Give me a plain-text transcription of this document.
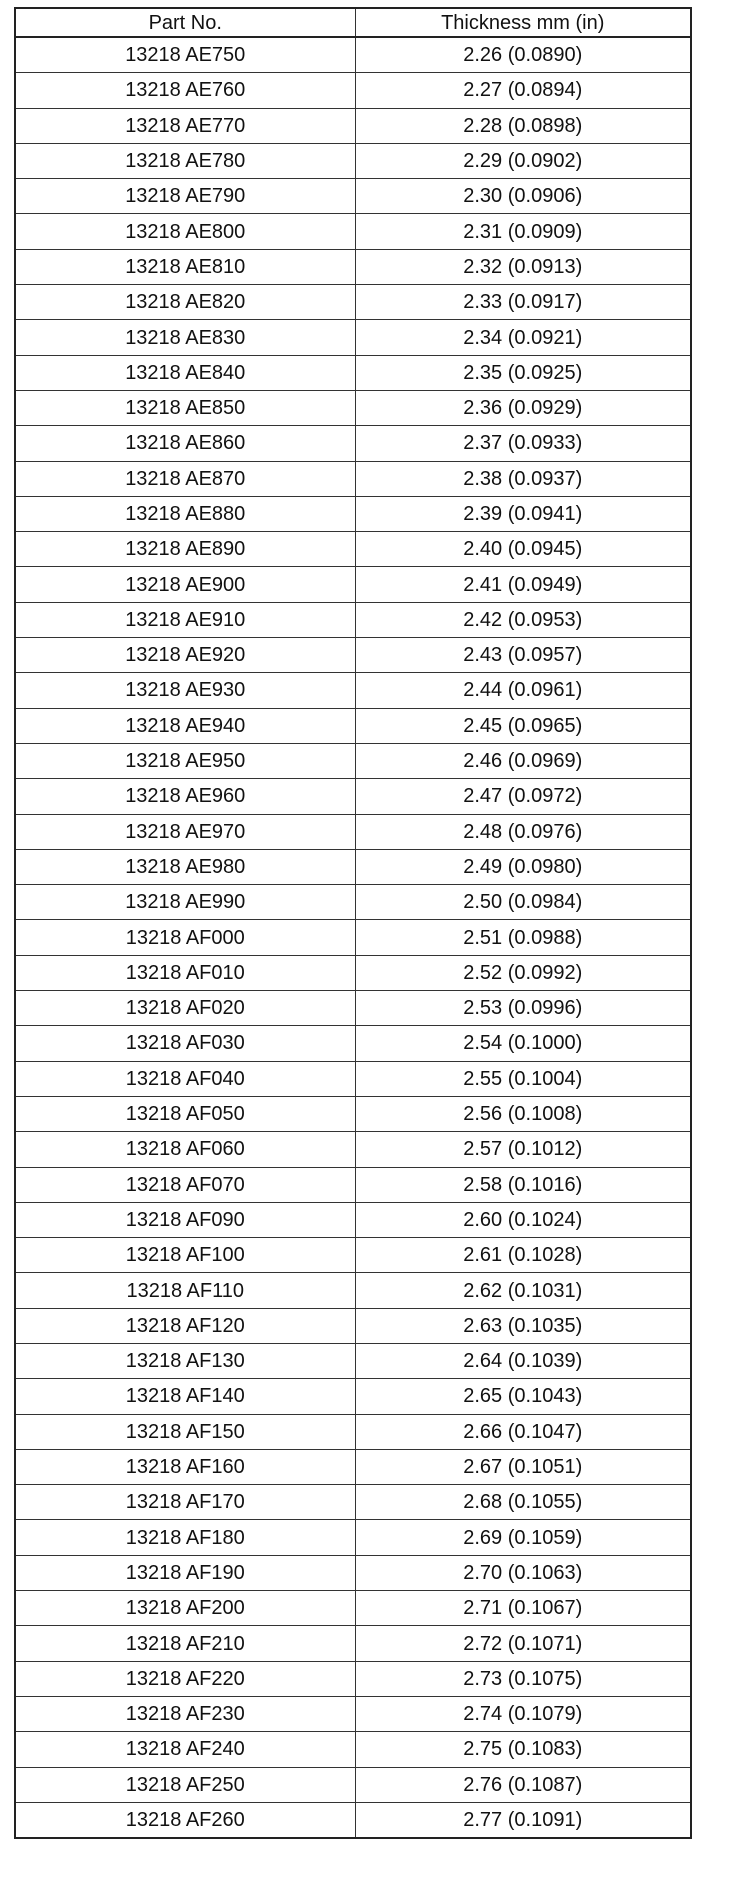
Part No.	Thickness mm (in)
13218 AE750	2.26 (0.0890)
13218 AE760	2.27 (0.0894)
13218 AE770	2.28 (0.0898)
13218 AE780	2.29 (0.0902)
13218 AE790	2.30 (0.0906)
13218 AE800	2.31 (0.0909)
13218 AE810	2.32 (0.0913)
13218 AE820	2.33 (0.0917)
13218 AE830	2.34 (0.0921)
13218 AE840	2.35 (0.0925)
13218 AE850	2.36 (0.0929)
13218 AE860	2.37 (0.0933)
13218 AE870	2.38 (0.0937)
13218 AE880	2.39 (0.0941)
13218 AE890	2.40 (0.0945)
13218 AE900	2.41 (0.0949)
13218 AE910	2.42 (0.0953)
13218 AE920	2.43 (0.0957)
13218 AE930	2.44 (0.0961)
13218 AE940	2.45 (0.0965)
13218 AE950	2.46 (0.0969)
13218 AE960	2.47 (0.0972)
13218 AE970	2.48 (0.0976)
13218 AE980	2.49 (0.0980)
13218 AE990	2.50 (0.0984)
13218 AF000	2.51 (0.0988)
13218 AF010	2.52 (0.0992)
13218 AF020	2.53 (0.0996)
13218 AF030	2.54 (0.1000)
13218 AF040	2.55 (0.1004)
13218 AF050	2.56 (0.1008)
13218 AF060	2.57 (0.1012)
13218 AF070	2.58 (0.1016)
13218 AF090	2.60 (0.1024)
13218 AF100	2.61 (0.1028)
13218 AF110	2.62 (0.1031)
13218 AF120	2.63 (0.1035)
13218 AF130	2.64 (0.1039)
13218 AF140	2.65 (0.1043)
13218 AF150	2.66 (0.1047)
13218 AF160	2.67 (0.1051)
13218 AF170	2.68 (0.1055)
13218 AF180	2.69 (0.1059)
13218 AF190	2.70 (0.1063)
13218 AF200	2.71 (0.1067)
13218 AF210	2.72 (0.1071)
13218 AF220	2.73 (0.1075)
13218 AF230	2.74 (0.1079)
13218 AF240	2.75 (0.1083)
13218 AF250	2.76 (0.1087)
13218 AF260	2.77 (0.1091)
